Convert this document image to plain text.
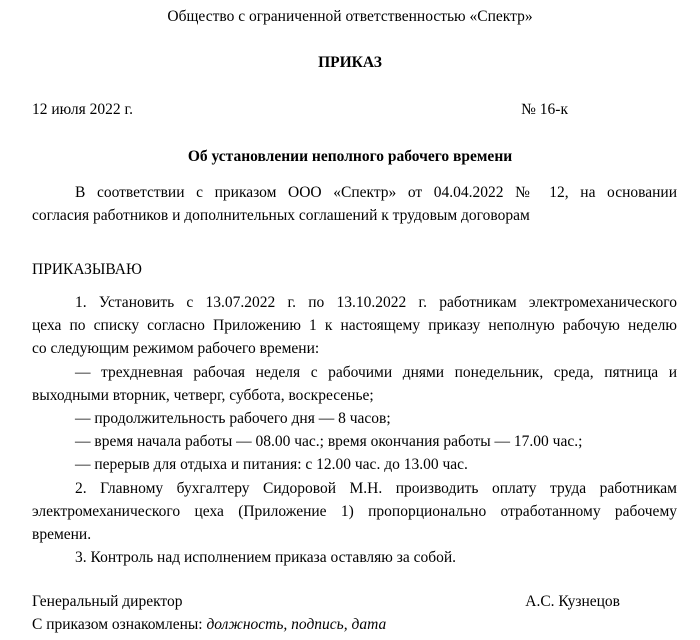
Общество с ограниченной ответственностью «Спектр»

ПРИКАЗ

12 июля 2022 г.	№ 16-к

Об установлении неполного рабочего времени

В соответствии с приказом ООО «Спектр» от 04.04.2022 № 12, на основании

согласия работников и дополнительных соглашений к трудовым договорам

ПРИКАЗЫВАЮ

1. Установить с 13.07.2022 г. по 13.10.2022 г. работникам электромеханического

цеха по списку согласно Приложению 1 к настоящему приказу неполную рабочую неделю

со следующим режимом рабочего времени:

— трехдневная рабочая неделя с рабочими днями понедельник, среда, пятница и

выходными вторник, четверг, суббота, воскресенье;

— продолжительность рабочего дня — 8 часов;

— время начала работы — 08.00 час.; время окончания работы — 17.00 час.;

— перерыв для отдыха и питания: с 12.00 час. до 13.00 час.

2. Главному бухгалтеру Сидоровой М.Н. производить оплату труда работникам

электромеханического цеха (Приложение 1) пропорционально отработанному рабочему

времени.

3. Контроль над исполнением приказа оставляю за собой.

Генеральный директор	А.С. Кузнецов

С приказом ознакомлены: должность, подпись, дата
